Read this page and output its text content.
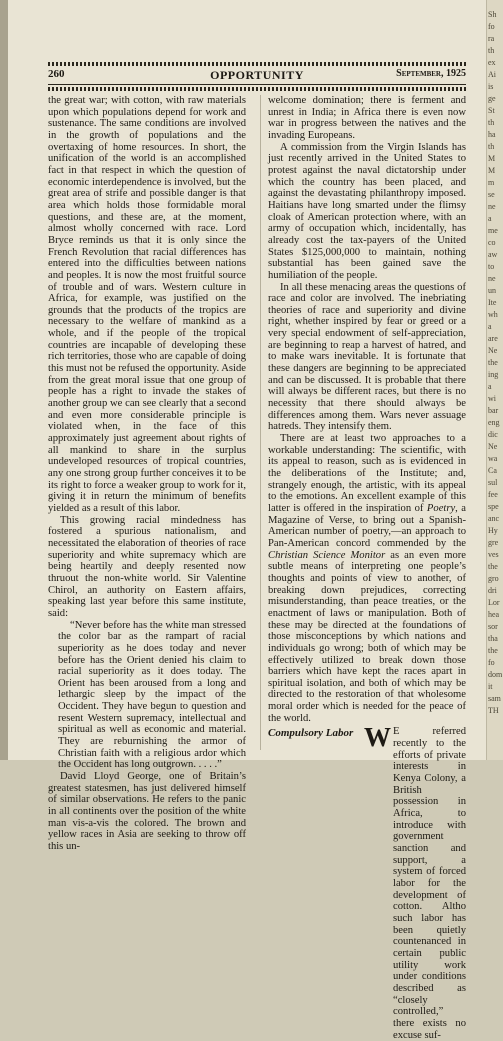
260	OPPORTUNITY	September, 1925

the great war; with cotton, with raw materials upon which populations depend for work and sustenance. The same conditions are involved in the growth of populations and the overtaxing of home resources. In short, the unification of the world is an accomplished fact in that respect in which the question of economic interdependence is involved, but the great area of strife and possible danger is that area which holds those formidable moral questions, and these are, at the moment, almost wholly concerned with race. Lord Bryce reminds us that it is only since the French Revolution that racial differences has entered into the difficulties between nations and peoples. It is now the most fruitful source of trouble and of wars. Western culture in Africa, for example, was justified on the grounds that the products of the tropics are necessary to the welfare of mankind as a whole, and if the people of the tropical countries are incapable of developing these rich territories, those who are capable of doing this must not be refused the opportunity. Aside from the great moral issue that one group of people has a right to invade the stakes of another group we can see clearly that a second and even more considerable principle is violated when, in the face of this approximately just agreement about rights of all mankind to share in the surplus undeveloped resources of tropical countries, any one strong group further conceives it to be its right to force a weaker group to work for it, giving it in return the minimum of benefits yielded as a result of this labor.

This growing racial mindedness has fostered a spurious nationalism, and necessitated the elaboration of theories of race superiority and white supremacy which are being heartily and deeply resented now thruout the non-white world. Sir Valentine Chirol, an authority on Eastern affairs, speaking last year before this same institute, said:

“Never before has the white man stressed the color bar as the rampart of racial superiority as he does today and never before has the Orient denied his claim to racial superiority as it does today. The Orient has been aroused from a long and lethargic sleep by the impact of the Occident. They have begun to question and resent Western supremacy, intellectual and spiritual as well as economic and material. They are reburnishing the armor of Christian faith with a religious ardor which the Occident has long outgrown. . . . .”

David Lloyd George, one of Britain’s greatest statesmen, has just delivered himself of similar observations. He refers to the panic in all continents over the position of the white man vis-a-vis the colored. The brown and yellow races in Asia are seeking to throw off this un-

welcome domination; there is ferment and unrest in India; in Africa there is even now war in progress between the natives and the invading Europeans.

A commission from the Virgin Islands has just recently arrived in the United States to protest against the naval dictatorship under which the country has been placed, and against the devastating philanthropy imposed. Haitians have long smarted under the flimsy cloak of American protection where, with an army of occupation which, incidentally, has already cost the tax-payers of the United States $125,000,000 to maintain, nothing substantial has been gained save the humiliation of the people.

In all these menacing areas the questions of race and color are involved. The inebriating theories of race and superiority and divine right, whether inspired by fear or greed or a very special endowment of self-appreciation, are beginning to reap a harvest of hatred, and to make wars inevitable. It is fortunate that these dangers are beginning to be appreciated and can be discussed. It is probable that there will always be different races, but there is no necessity that there should always be differences among them. Wars never assuage hatreds. They intensify them.

There are at least two approaches to a workable understanding: The scientific, with its appeal to reason, such as is evidenced in the deliberations of the Institute; and, strangely enough, the artistic, with its appeal to the emotions. An excellent example of this latter is offered in the inspiration of Poetry, a Magazine of Verse, to bring out a Spanish-American number of poetry,—an approach to Pan-American concord commended by the Christian Science Monitor as an even more subtle means of interpreting one people’s thoughts and points of view to another, of breaking down prejudices, correcting misunderstanding, than peace treaties, or the enactment of laws or manipulation. Both of these may be directed at the foundations of those misconceptions by which nations and individuals go wrong; both of which may be effectively utilized to break down those barriers which have kept the races apart in spiritual isolation, and both of which may be directed to the restoration of that wholesome moral order which is needed for the peace of the world.

Compulsory Labor W E referred recently to the efforts of private interests in Kenya Colony, a British possession in Africa, to introduce with government sanction and support, a system of forced labor for the development of cotton. Altho such labor has been quietly countenanced in certain public utility work under conditions described as “closely controlled,” there exists no excuse suf-
Sh
fo
ra
th
ex
Ai
is
ge
St
th
ha
th
M
M
m
se
ne
a
me
co
aw
to
ne
un
Ite
wh
a
are
Ne
the
ing
a
wi
bar
eng
dic
Ne
wa
Ca
sul
fee
spe
anc
Hy
gre
ves
the
gro
dri
Lor
hea
sor
tha
the
fo
dom
it
sam
TH
